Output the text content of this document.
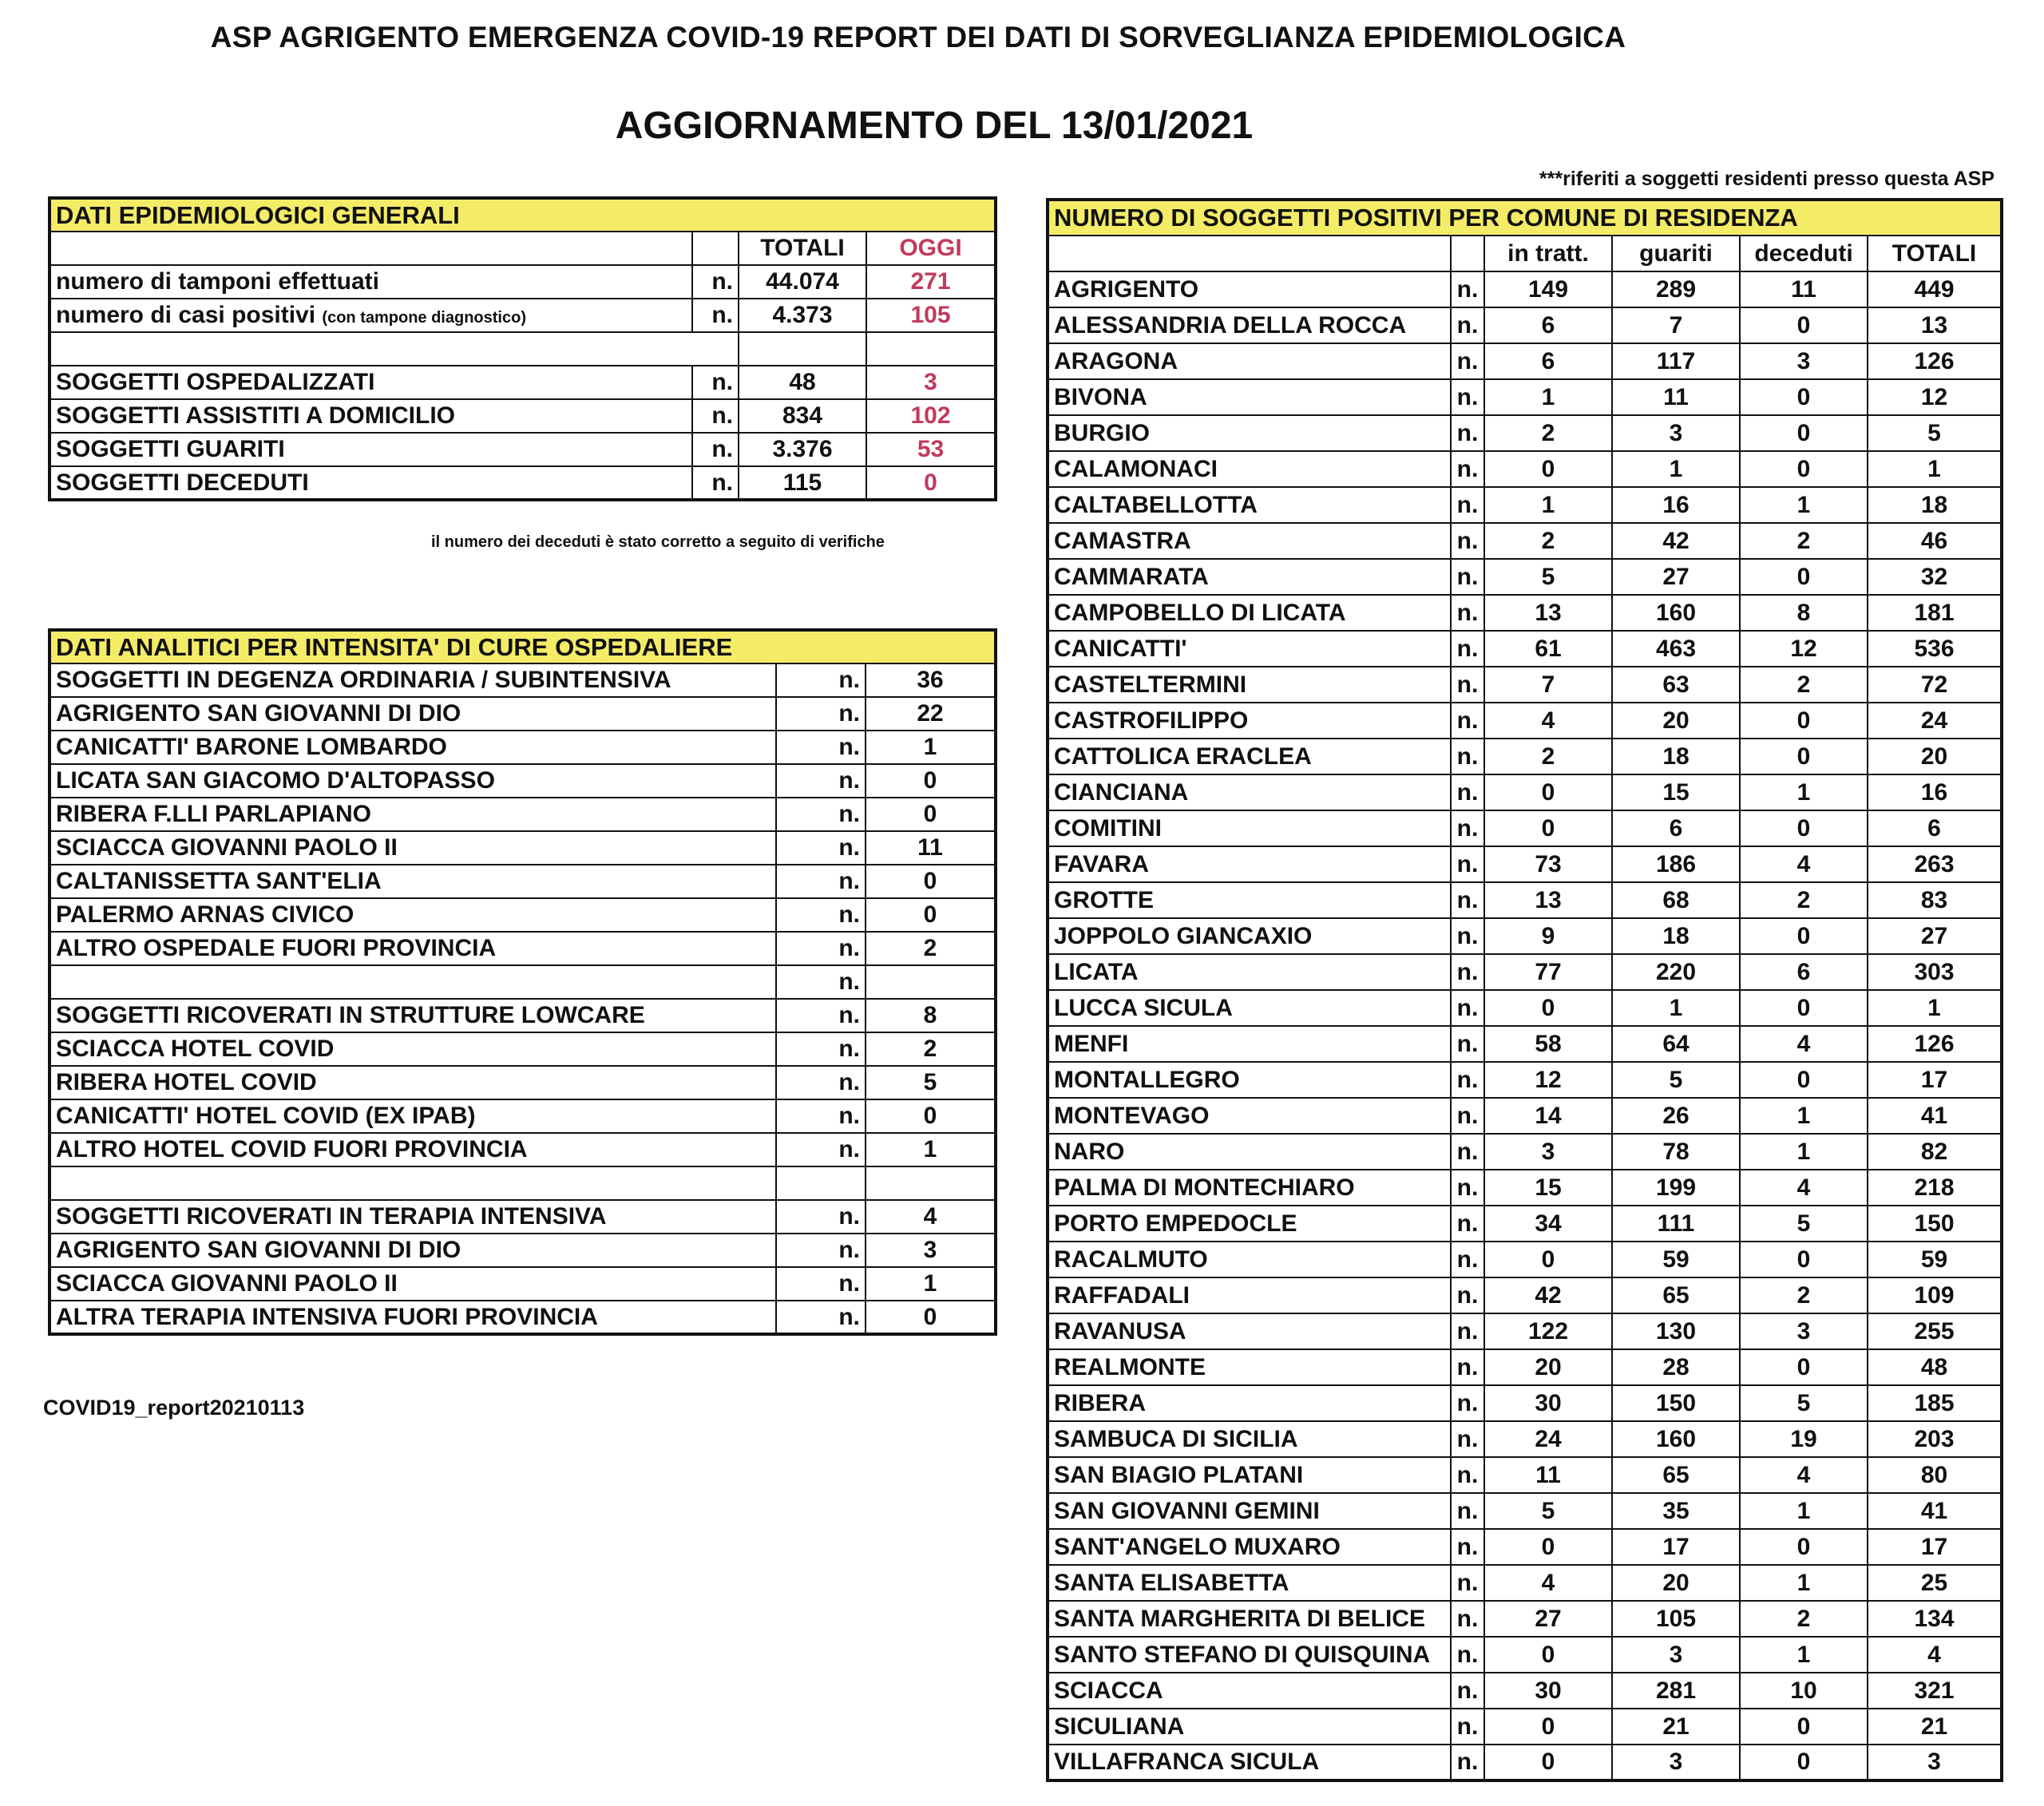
ASP AGRIGENTO EMERGENZA COVID-19 REPORT DEI DATI DI SORVEGLIANZA EPIDEMIOLOGICA
AGGIORNAMENTO DEL 13/01/2021
***riferiti a soggetti residenti presso questa ASP
DATI EPIDEMIOLOGICI GENERALI			
		TOTALI	OGGI
numero di tamponi effettuati	n.	44.074	271
numero di casi positivi (con tampone diagnostico)	n.	4.373	105

SOGGETTI OSPEDALIZZATI	n.	48	3
SOGGETTI ASSISTITI A DOMICILIO	n.	834	102
SOGGETTI GUARITI	n.	3.376	53
SOGGETTI DECEDUTI	n.	115	0
il numero dei deceduti è stato corretto a seguito di verifiche
DATI ANALITICI PER INTENSITA' DI CURE OSPEDALIERE		
SOGGETTI IN DEGENZA ORDINARIA / SUBINTENSIVA	n.	36
AGRIGENTO SAN GIOVANNI DI DIO	n.	22
CANICATTI' BARONE LOMBARDO	n.	1
LICATA SAN GIACOMO D'ALTOPASSO	n.	0
RIBERA F.LLI PARLAPIANO	n.	0
SCIACCA GIOVANNI PAOLO II	n.	11
CALTANISSETTA SANT'ELIA	n.	0
PALERMO ARNAS CIVICO	n.	0
ALTRO OSPEDALE FUORI PROVINCIA	n.	2
	n.	
SOGGETTI RICOVERATI IN STRUTTURE LOWCARE	n.	8
SCIACCA HOTEL COVID	n.	2
RIBERA HOTEL COVID	n.	5
CANICATTI' HOTEL COVID (EX IPAB)	n.	0
ALTRO HOTEL COVID FUORI PROVINCIA	n.	1

SOGGETTI RICOVERATI IN TERAPIA INTENSIVA	n.	4
AGRIGENTO SAN GIOVANNI DI DIO	n.	3
SCIACCA GIOVANNI PAOLO II	n.	1
ALTRA TERAPIA INTENSIVA FUORI PROVINCIA	n.	0
COVID19_report20210113
NUMERO DI SOGGETTI POSITIVI PER COMUNE DI RESIDENZA					
		in tratt.	guariti	deceduti	TOTALI
AGRIGENTO	n.	149	289	11	449
ALESSANDRIA DELLA ROCCA	n.	6	7	0	13
ARAGONA	n.	6	117	3	126
BIVONA	n.	1	11	0	12
BURGIO	n.	2	3	0	5
CALAMONACI	n.	0	1	0	1
CALTABELLOTTA	n.	1	16	1	18
CAMASTRA	n.	2	42	2	46
CAMMARATA	n.	5	27	0	32
CAMPOBELLO DI LICATA	n.	13	160	8	181
CANICATTI'	n.	61	463	12	536
CASTELTERMINI	n.	7	63	2	72
CASTROFILIPPO	n.	4	20	0	24
CATTOLICA ERACLEA	n.	2	18	0	20
CIANCIANA	n.	0	15	1	16
COMITINI	n.	0	6	0	6
FAVARA	n.	73	186	4	263
GROTTE	n.	13	68	2	83
JOPPOLO GIANCAXIO	n.	9	18	0	27
LICATA	n.	77	220	6	303
LUCCA SICULA	n.	0	1	0	1
MENFI	n.	58	64	4	126
MONTALLEGRO	n.	12	5	0	17
MONTEVAGO	n.	14	26	1	41
NARO	n.	3	78	1	82
PALMA DI MONTECHIARO	n.	15	199	4	218
PORTO EMPEDOCLE	n.	34	111	5	150
RACALMUTO	n.	0	59	0	59
RAFFADALI	n.	42	65	2	109
RAVANUSA	n.	122	130	3	255
REALMONTE	n.	20	28	0	48
RIBERA	n.	30	150	5	185
SAMBUCA DI SICILIA	n.	24	160	19	203
SAN BIAGIO PLATANI	n.	11	65	4	80
SAN GIOVANNI GEMINI	n.	5	35	1	41
SANT'ANGELO MUXARO	n.	0	17	0	17
SANTA ELISABETTA	n.	4	20	1	25
SANTA MARGHERITA DI BELICE	n.	27	105	2	134
SANTO STEFANO DI QUISQUINA	n.	0	3	1	4
SCIACCA	n.	30	281	10	321
SICULIANA	n.	0	21	0	21
VILLAFRANCA SICULA	n.	0	3	0	3
